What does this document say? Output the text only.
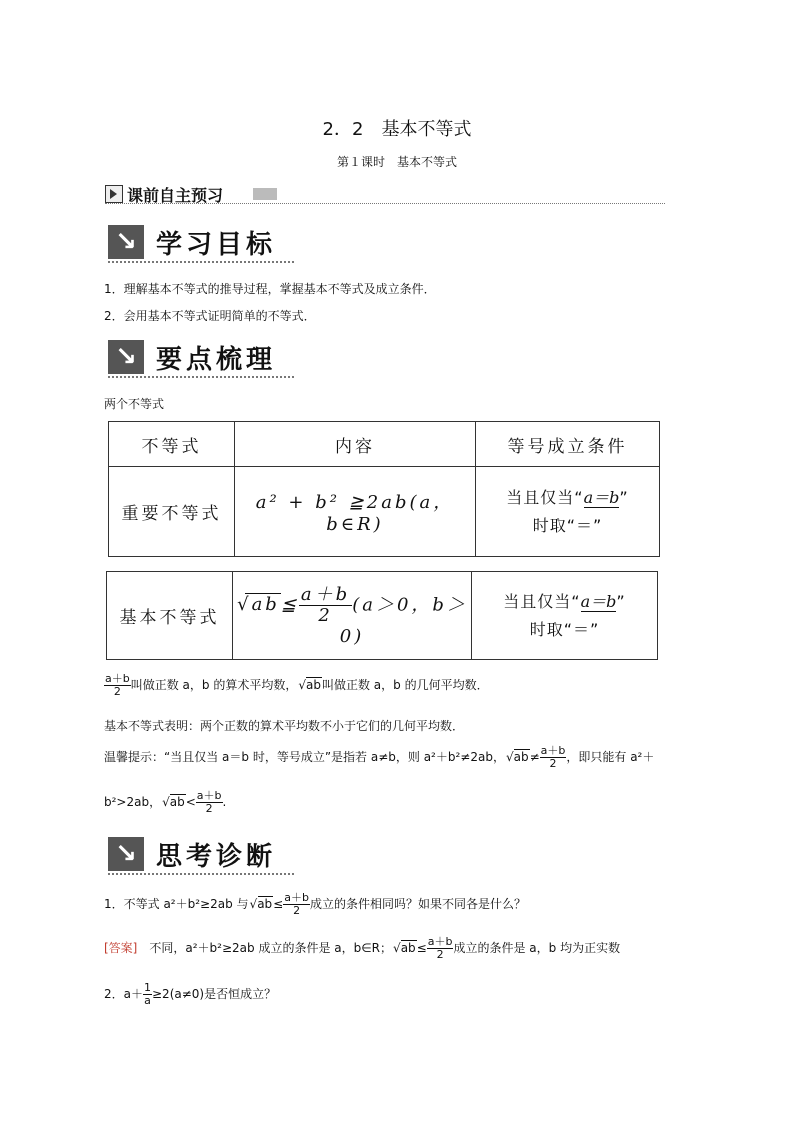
2．2　基本不等式
第１课时　基本不等式
课前自主预习
↘ 学习目标
1．理解基本不等式的推导过程，掌握基本不等式及成立条件．
2．会用基本不等式证明简单的不等式．
↘ 要点梳理
两个不等式
不等式	内容	等号成立条件
重要不等式	a² + b² ≧2ab(a，b∈R)	当且仅当“a＝b”
时取“＝”
基本不等式	√ ab≦ $\frac{a+b}{2}(a>0$，b＞0)	当且仅当“a＝b”
时取“＝”
$\frac{a+b}{2}$ 叫做正数 a，b 的算术平均数， √ ab叫做正数 a，b 的几何平均数．
基本不等式表明：两个正数的算术平均数不小于它们的几何平均数．
温馨提示：“当且仅当 a＝b 时，等号成立”是指若 a≠b，则 a²＋b²≠2ab， √ $ab\ne \frac{a+b}{2}$ ，即只能有 a²＋
b²>2ab， √ $ab< \frac{a+b}{2}$ .
↘ 思考诊断
1．不等式 a²＋b²≥2ab 与 √ $ab\le \frac{a+b}{2}$ 成立的条件相同吗？如果不同各是什么？
[答案]　不同，a²＋b²≥2ab 成立的条件是 a，b∈R； √ $ab\le \frac{a+b}{2}$ 成立的条件是 a，b 均为正实数
2．$a+ \frac{1}{a} \ge 2(a\ne 0)$是否恒成立？
